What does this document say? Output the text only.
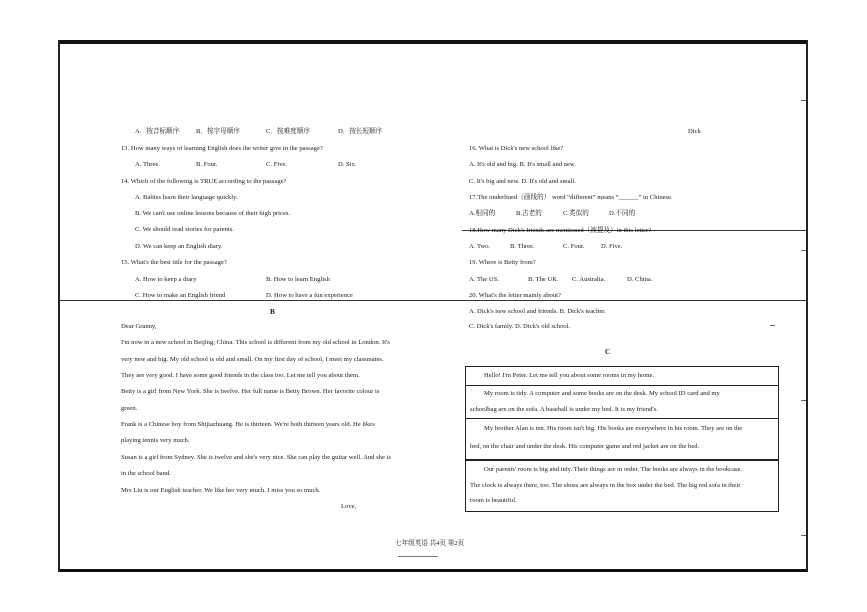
Dick
A．按音标顺序	B．按字母顺序	C．按难度顺序	D．按长短顺序
13. How many ways of learning English does the writer give in the passage?
A. Three.	B. Four.	C. Five.	D. Six.
14. Which of the following is TRUE according to the passage?
A. Babies learn their language quickly.
B. We can't use online lessons because of their high prices.
C. We should read stories for parents.
D. We can keep an English diary.
15. What's the best title for the passage?
A. How to keep a diary	B. How to learn English
C. How to make an English friend	D. How to have a fun experience
B
Dear Granny,
I'm now in a new school in Beijing, China. This school is different from my old school in London. It's
very new and big. My old school is old and small. On my first day of school, I meet my classmates.
They are very good. I have some good friends in the class too. Let me tell you about them.
Betty is a girl from New York. She is twelve. Her full name is Betty Brown. Her favorite colour is
green.
Frank is a Chinese boy from Shijiazhuang. He is thirteen. We're both thirteen years old. He likes
playing tennis very much.
Susan is a girl from Sydney. She is twelve and she's very nice. She can play the guitar well. And she is
in the school band.
Mrs Liu is our English teacher. We like her very much. I miss you so much.
Love,
16. What is Dick's new school like?
A. It's old and big. B. It's small and new.
C. It's big and new. D. It's old and small.
17.The underlined（画线的） word “different” means “______” in Chinese.
A.相同的	B.古老的	C.类似的	D.不同的
18.How many Dick's friends are mentioned（被提及）in this letter?
A. Two.	B. Three.	C. Four.	D. Five.
19. Where is Betty from?
A. The US.	B. The UK. C. Australia.	D. China.
20. What's the letter mainly about?
A. Dick's new school and friends. B. Dick's teacher.
C. Dick's family. D. Dick's old school.
C
Hello! I'm Peter. Let me tell you about some rooms in my home.
My room is tidy. A computer and some books are on the desk. My school ID card and my
schoolbag are on the sofa. A baseball is under my bed. It is my friend's.
My brother Alan is ten. His room isn't big. His books are everywhere in his room. They are on the
bed, on the chair and under the desk. His computer game and red jacket are on the bed.
Our parents' room is big and tidy. Their things are in order. The books are always in the bookcase.
The clock is always there, too. The shoes are always in the box under the bed. The big red sofa in their
room is beautiful.
七年级英语 共4页 第2页
